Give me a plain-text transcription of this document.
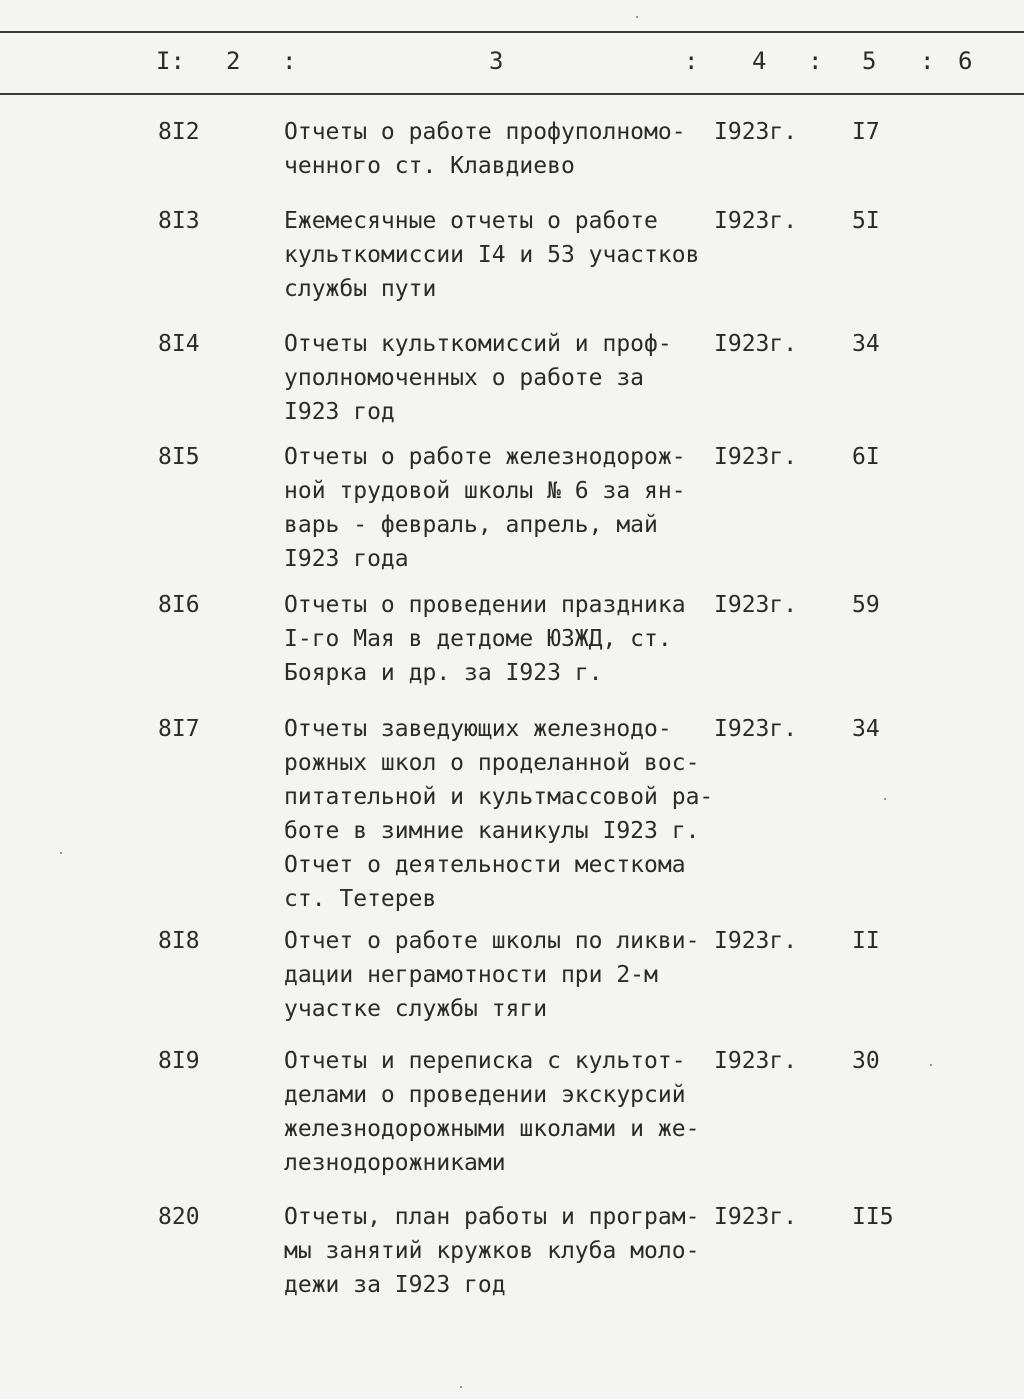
I: 2 :	3	: 4 : 5 : 6
8I2	Отчеты о работе профуполномо-
ченного ст. Клавдиево
I923г. I7
8I3	Ежемесячные отчеты о работе
культкомиссии I4 и 53 участков
службы пути
I923г. 5I
8I4	Отчеты культкомиссий и проф-
уполномоченных о работе за
I923 год
I923г. 34
8I5	Отчеты о работе железнодорож-
ной трудовой школы № 6 за ян-
варь - февраль, апрель, май
I923 года
I923г. 6I
8I6	Отчеты о проведении праздника
I-го Мая в детдоме ЮЗЖД, ст.
Боярка и др. за I923 г.
I923г. 59
8I7	Отчеты заведующих железнодо-
рожных школ о проделанной вос-
питательной и культмассовой ра-
боте в зимние каникулы I923 г.
Отчет о деятельности месткома
ст. Тетерев
I923г. 34
8I8	Отчет о работе школы по ликви-
дации неграмотности при 2-м
участке службы тяги
I923г. II
8I9	Отчеты и переписка с культот-
делами о проведении экскурсий
железнодорожными школами и же-
лезнодорожниками
I923г. 30
820	Отчеты, план работы и програм-
мы занятий кружков клуба моло-
дежи за I923 год
I923г. II5
